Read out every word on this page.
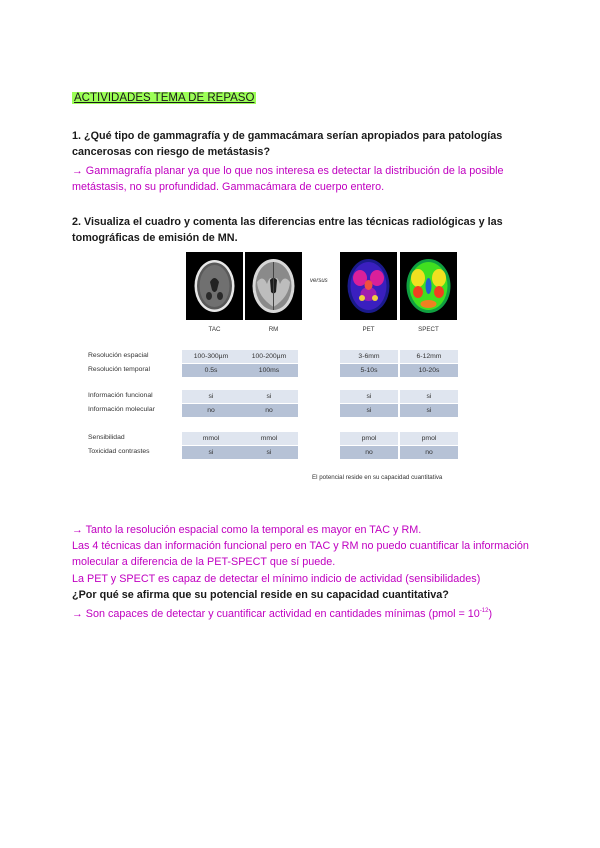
ACTIVIDADES TEMA DE REPASO
1. ¿Qué tipo de gammagrafía y de gammacámara serían apropiados para patologías cancerosas con riesgo de metástasis?
→ Gammagrafía planar ya que lo que nos interesa es detectar la distribución de la posible metástasis, no su profundidad. Gammacámara de cuerpo entero.
2. Visualiza el cuadro y comenta las diferencias entre las técnicas radiológicas y las tomográficas de emisión de MN.
versus
TAC	RM	PET	SPECT
Resolución espacial	100-300µm	100-200µm	3-6mm	6-12mm
Resolución temporal	0.5s	100ms	5-10s	10-20s
Información funcional	si	si	si	si
Información molecular	no	no	si	si
Sensibilidad	mmol	mmol	pmol	pmol
Toxicidad contrastes	si	si	no	no
El potencial reside en su capacidad cuantitativa
→ Tanto la resolución espacial como la temporal es mayor en TAC y RM.
Las 4 técnicas dan información funcional pero en TAC y RM no puedo cuantificar la información molecular a diferencia de la PET-SPECT que sí puede.
La PET y SPECT es capaz de detectar el mínimo indicio de actividad (sensibilidades)
¿Por qué se afirma que su potencial reside en su capacidad cuantitativa?
→ Son capaces de detectar y cuantificar actividad en cantidades mínimas (pmol = $10^{-12}$)
